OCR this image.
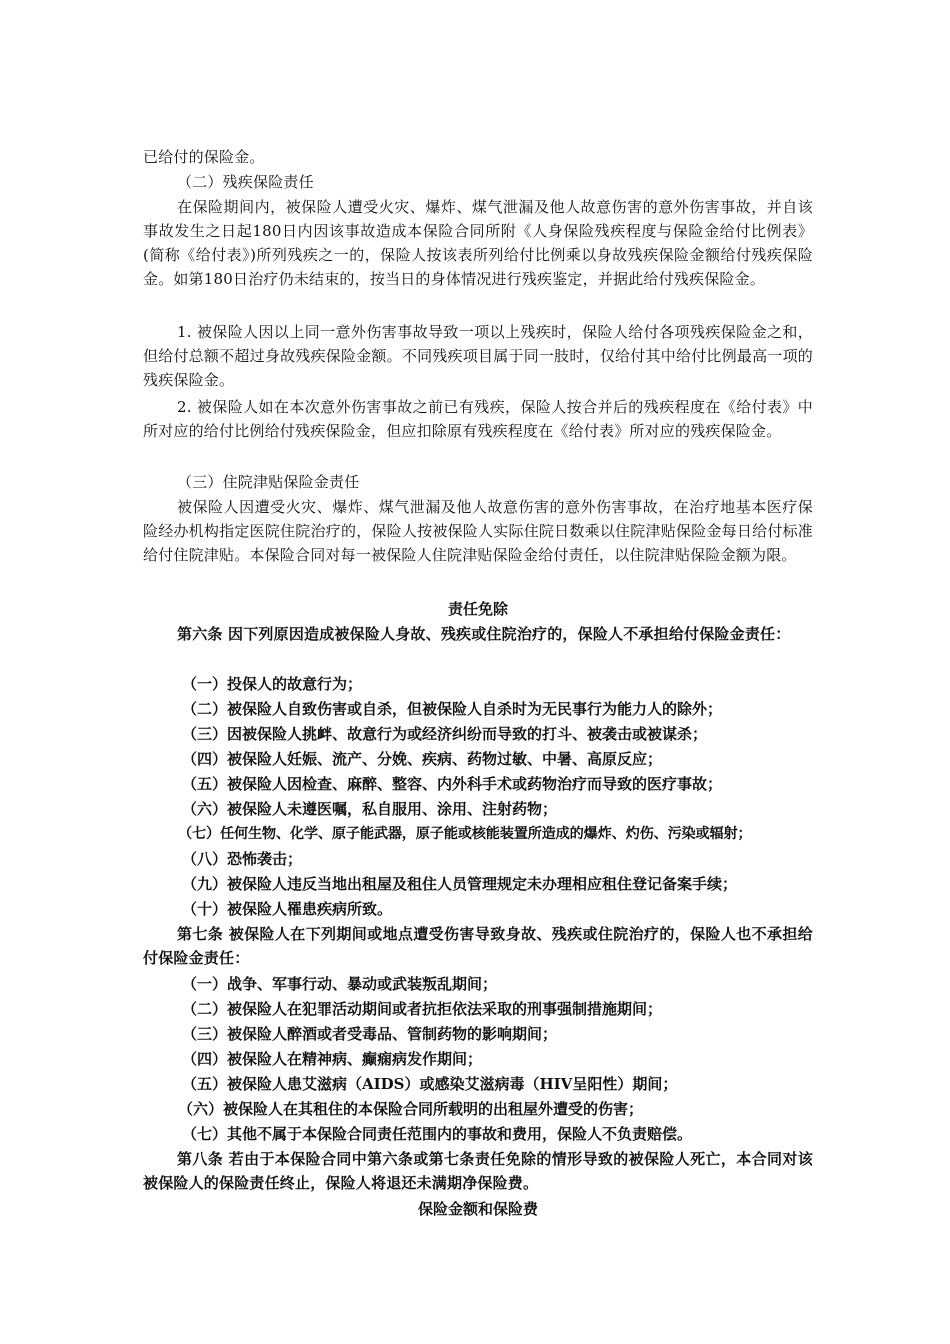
已给付的保险金。
（二）残疾保险责任
在保险期间内，被保险人遭受火灾、爆炸、煤气泄漏及他人故意伤害的意外伤害事故，并自该事故发生之日起180日内因该事故造成本保险合同所附《人身保险残疾程度与保险金给付比例表》(简称《给付表》)所列残疾之一的，保险人按该表所列给付比例乘以身故残疾保险金额给付残疾保险金。如第180日治疗仍未结束的，按当日的身体情况进行残疾鉴定，并据此给付残疾保险金。
1. 被保险人因以上同一意外伤害事故导致一项以上残疾时，保险人给付各项残疾保险金之和，但给付总额不超过身故残疾保险金额。不同残疾项目属于同一肢时，仅给付其中给付比例最高一项的残疾保险金。
2. 被保险人如在本次意外伤害事故之前已有残疾，保险人按合并后的残疾程度在《给付表》中所对应的给付比例给付残疾保险金，但应扣除原有残疾程度在《给付表》所对应的残疾保险金。
（三）住院津贴保险金责任
被保险人因遭受火灾、爆炸、煤气泄漏及他人故意伤害的意外伤害事故，在治疗地基本医疗保险经办机构指定医院住院治疗的，保险人按被保险人实际住院日数乘以住院津贴保险金每日给付标准给付住院津贴。本保险合同对每一被保险人住院津贴保险金给付责任，以住院津贴保险金额为限。
责任免除
第六条 因下列原因造成被保险人身故、残疾或住院治疗的，保险人不承担给付保险金责任：
（一）投保人的故意行为；
（二）被保险人自致伤害或自杀，但被保险人自杀时为无民事行为能力人的除外；
（三）因被保险人挑衅、故意行为或经济纠纷而导致的打斗、被袭击或被谋杀；
（四）被保险人妊娠、流产、分娩、疾病、药物过敏、中暑、高原反应；
（五）被保险人因检查、麻醉、整容、内外科手术或药物治疗而导致的医疗事故；
（六）被保险人未遵医嘱，私自服用、涂用、注射药物；
（七）任何生物、化学、原子能武器，原子能或核能装置所造成的爆炸、灼伤、污染或辐射；
（八）恐怖袭击；
（九）被保险人违反当地出租屋及租住人员管理规定未办理相应租住登记备案手续；
（十）被保险人罹患疾病所致。
第七条 被保险人在下列期间或地点遭受伤害导致身故、残疾或住院治疗的，保险人也不承担给付保险金责任：
（一）战争、军事行动、暴动或武装叛乱期间；
（二）被保险人在犯罪活动期间或者抗拒依法采取的刑事强制措施期间；
（三）被保险人醉酒或者受毒品、管制药物的影响期间；
（四）被保险人在精神病、癫痫病发作期间；
（五）被保险人患艾滋病（AIDS）或感染艾滋病毒（HIV呈阳性）期间；
（六）被保险人在其租住的本保险合同所载明的出租屋外遭受的伤害；
（七）其他不属于本保险合同责任范围内的事故和费用，保险人不负责赔偿。
第八条 若由于本保险合同中第六条或第七条责任免除的情形导致的被保险人死亡，本合同对该被保险人的保险责任终止，保险人将退还未满期净保险费。
保险金额和保险费
